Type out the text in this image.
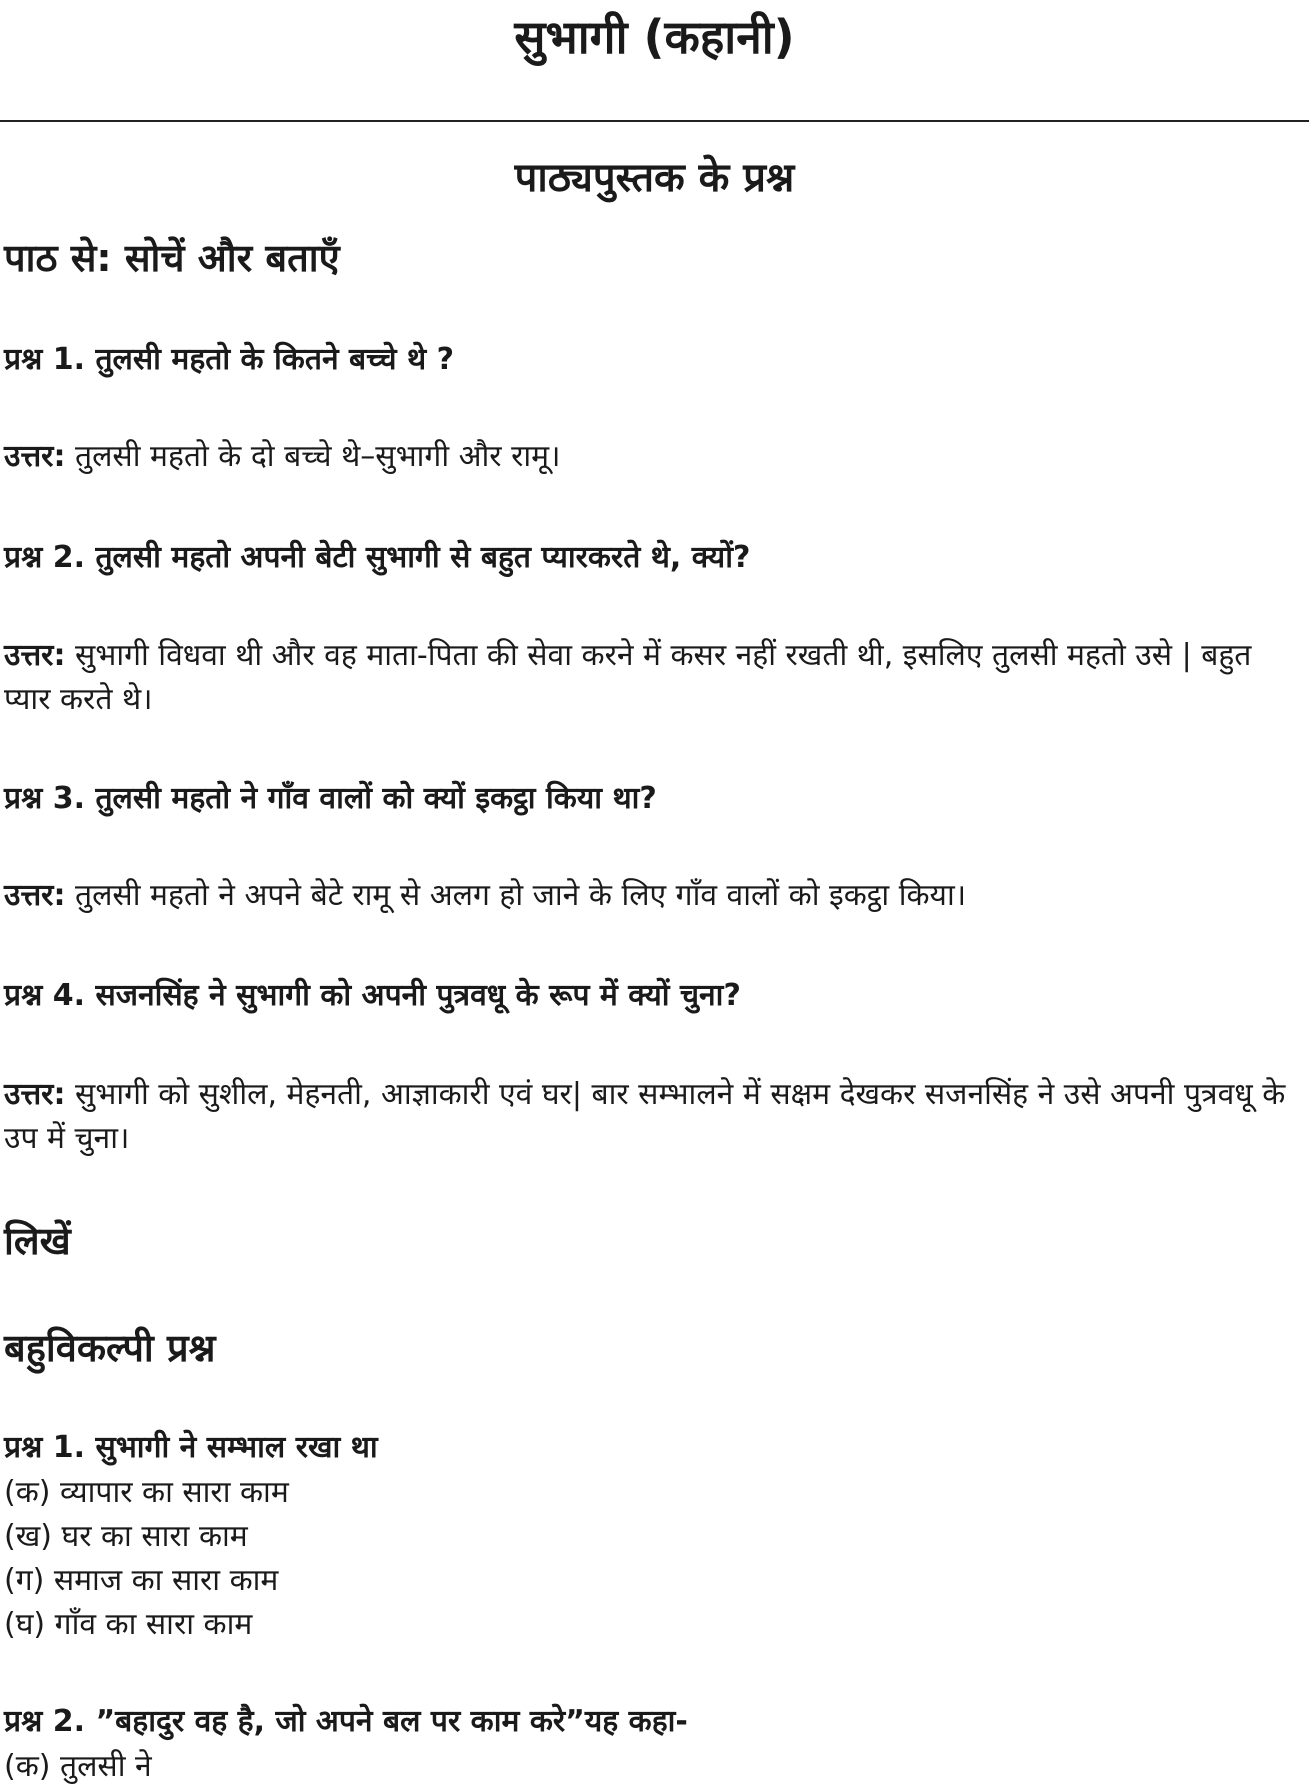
सुभागी (कहानी)
पाठ्यपुस्तक के प्रश्न
पाठ से: सोचें और बताएँ

प्रश्न 1. तुलसी महतो के कितने बच्चे थे ?

उत्तर: तुलसी महतो के दो बच्चे थे–सुभागी और रामू।

प्रश्न 2. तुलसी महतो अपनी बेटी सुभागी से बहुत प्यारकरते थे, क्यों?

उत्तर: सुभागी विधवा थी और वह माता-पिता की सेवा करने में कसर नहीं रखती थी, इसलिए तुलसी महतो उसे | बहुत प्यार करते थे।

प्रश्न 3. तुलसी महतो ने गाँव वालों को क्यों इकट्ठा किया था?

उत्तर: तुलसी महतो ने अपने बेटे रामू से अलग हो जाने के लिए गाँव वालों को इकट्ठा किया।

प्रश्न 4. सजनसिंह ने सुभागी को अपनी पुत्रवधू के रूप में क्यों चुना?

उत्तर: सुभागी को सुशील, मेहनती, आज्ञाकारी एवं घर| बार सम्भालने में सक्षम देखकर सजनसिंह ने उसे अपनी पुत्रवधू के उप में चुना।

लिखें
बहुविकल्पी प्रश्न

प्रश्न 1. सुभागी ने सम्भाल रखा था

(क) व्यापार का सारा काम

(ख) घर का सारा काम

(ग) समाज का सारा काम

(घ) गाँव का सारा काम

प्रश्न 2. ”बहादुर वह है, जो अपने बल पर काम करे”यह कहा-

(क) तुलसी ने
